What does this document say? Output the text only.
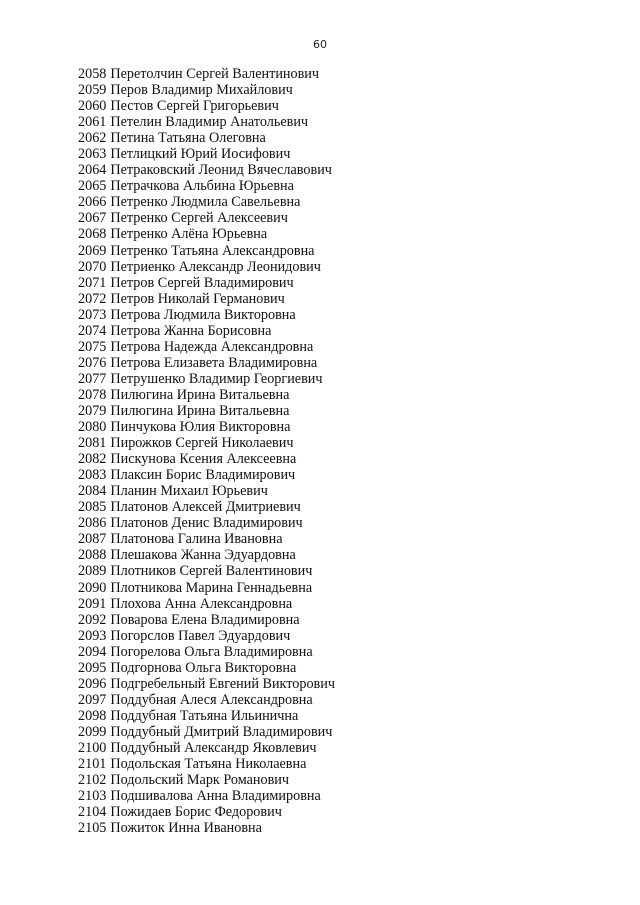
60
2058 Перетолчин Сергей Валентинович
2059 Перов Владимир Михайлович
2060 Пестов Сергей Григорьевич
2061 Петелин Владимир Анатольевич
2062 Петина Татьяна Олеговна
2063 Петлицкий Юрий Иосифович
2064 Петраковский Леонид Вячеславович
2065 Петрачкова Альбина Юрьевна
2066 Петренко Людмила Савельевна
2067 Петренко Сергей Алексеевич
2068 Петренко Алёна Юрьевна
2069 Петренко Татьяна Александровна
2070 Петриенко Александр Леонидович
2071 Петров Сергей Владимирович
2072 Петров Николай Германович
2073 Петрова Людмила Викторовна
2074 Петрова Жанна Борисовна
2075 Петрова Надежда Александровна
2076 Петрова Елизавета Владимировна
2077 Петрушенко Владимир Георгиевич
2078 Пилюгина Ирина Витальевна
2079 Пилюгина Ирина Витальевна
2080 Пинчукова Юлия Викторовна
2081 Пирожков Сергей Николаевич
2082 Пискунова Ксения Алексеевна
2083 Плаксин Борис Владимирович
2084 Планин Михаил Юрьевич
2085 Платонов Алексей Дмитриевич
2086 Платонов Денис Владимирович
2087 Платонова Галина Ивановна
2088 Плешакова Жанна Эдуардовна
2089 Плотников Сергей Валентинович
2090 Плотникова Марина Геннадьевна
2091 Плохова Анна Александровна
2092 Поварова Елена Владимировна
2093 Погорслов Павел Эдуардович
2094 Погорелова Ольга Владимировна
2095 Подгорнова Ольга Викторовна
2096 Подгребельный Евгений Викторович
2097 Поддубная Алеся Александровна
2098 Поддубная Татьяна Ильинична
2099 Поддубный Дмитрий Владимирович
2100 Поддубный Александр Яковлевич
2101 Подольская Татьяна Николаевна
2102 Подольский Марк Романович
2103 Подшивалова Анна Владимировна
2104 Пожидаев Борис Федорович
2105 Пожиток Инна Ивановна
